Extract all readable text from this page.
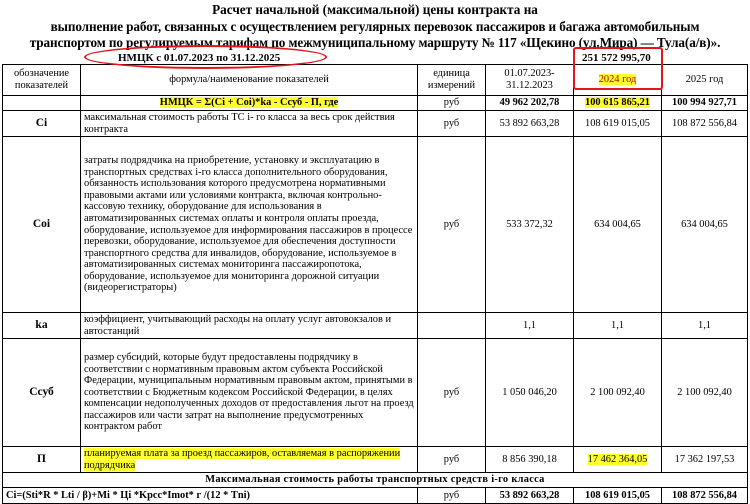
Расчет начальной (максимальной) цены контракта на
выполнение работ, связанных с осуществлением регулярных перевозок пассажиров и багажа автомобильным
транспортом по регулируемым тарифам по межмуниципальному маршруту № 117 «Щекино (ул.Мира) — Тула(а/в)».
НМЦК с 01.07.2023 по 31.12.2025	251 572 995,70
обозначение показателей	формула/наименование показателей	единица измерений	01.07.2023-31.12.2023	2024 год	2025 год
	НМЦК = Σ(Ci + Coi)*ka - Cсуб - П, где	руб	49 962 202,78	100 615 865,21	100 994 927,71
Ci	максимальная стоимость работы ТС i- го класса за весь срок действия контракта	руб	53 892 663,28	108 619 015,05	108 872 556,84
Coi	затраты подрядчика на приобретение, установку и эксплуатацию в транспортных средствах i-го класса дополнительного оборудования, обязанность использования которого предусмотрена нормативными правовыми актами или условиями контракта, включая контрольно-кассовую технику, оборудование для использования в автоматизированных системах оплаты и контроля оплаты проезда, оборудование, используемое для информирования пассажиров в процессе перевозки, оборудование, используемое для обеспечения доступности транспортного средства для инвалидов, оборудование, используемое в автоматизированных системах мониторинга пассажиропотока, оборудование, используемое для мониторинга дорожной ситуации (видеорегистраторы)	руб	533 372,32	634 004,65	634 004,65
ka	коэффициент, учитывающий расходы на оплату услуг автовокзалов и автостанций		1,1	1,1	1,1
Cсуб	размер субсидий, которые будут предоставлены подрядчику в соответствии с нормативным правовым актом субъекта Российской Федерации, муниципальным нормативным правовым актом, принятыми в соответствии с Бюджетным кодексом Российской Федерации, в целях компенсации недополученных доходов от предоставления льгот на проезд пассажиров или части затрат на выполнение предусмотренных контрактом работ	руб	1 050 046,20	2 100 092,40	2 100 092,40
П	планируемая плата за проезд пассажиров, оставляемая в распоряжении подрядчика	руб	8 856 390,18	17 462 364,05	17 362 197,53
Максимальная стоимость работы транспортных средств i-го класса					
Ci=(Sti*R * Lti / β)+Mi * Цi *Kрсс*Imot* г /(12 * Tni)		руб	53 892 663,28	108 619 015,05	108 872 556,84
